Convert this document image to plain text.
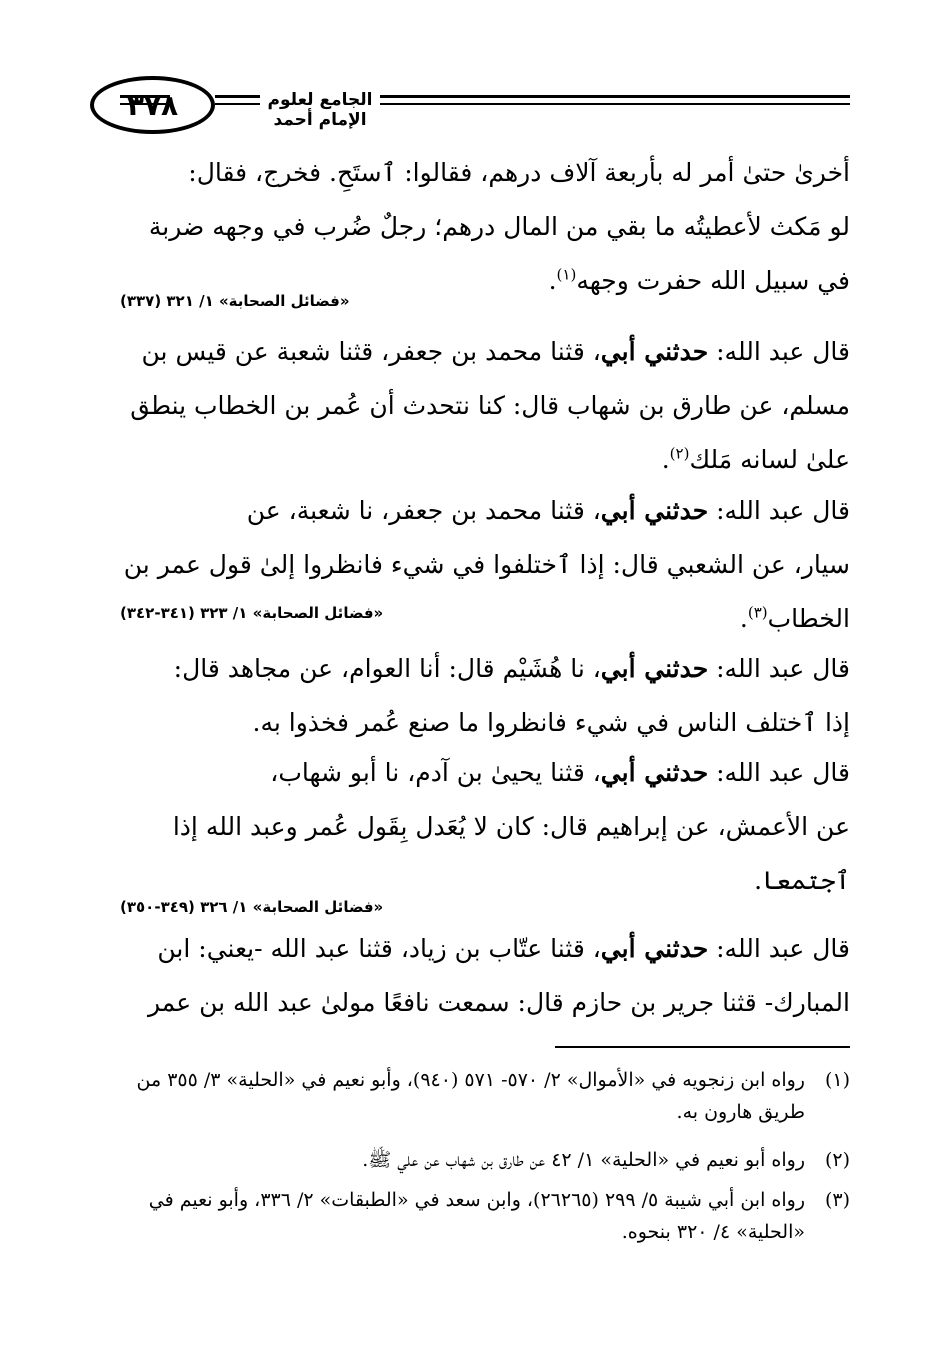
الجامع لعلوم الإمام أحمد
٣٧٨
أخرىٰ حتىٰ أمر له بأربعة آلاف درهم، فقالوا: ٱستَحِ. فخرج، فقال:
لو مَكث لأعطيتُه ما بقي من المال درهم؛ رجلٌ ضُرب في وجهه ضربة
في سبيل الله حفرت وجهه$^{(١)}$.
«فضائل الصحابة» ١/ ٣٢١ (٣٣٧)
قال عبد الله: حدثني أبي، قثنا محمد بن جعفر، قثنا شعبة عن قيس بن
مسلم، عن طارق بن شهاب قال: كنا نتحدث أن عُمر بن الخطاب ينطق
علىٰ لسانه مَلك$^{(٢)}$.
قال عبد الله: حدثني أبي، قثنا محمد بن جعفر، نا شعبة، عن
سيار، عن الشعبي قال: إذا ٱختلفوا في شيء فانظروا إلىٰ قول عمر بن
الخطاب$^{(٣)}$.
«فضائل الصحابة» ١/ ٣٢٣ (٣٤١-٣٤٢)
قال عبد الله: حدثني أبي، نا هُشَيْم قال: أنا العوام، عن مجاهد قال:
إذا ٱختلف الناس في شيء فانظروا ما صنع عُمر فخذوا به.
قال عبد الله: حدثني أبي، قثنا يحيىٰ بن آدم، نا أبو شهاب،
عن الأعمش، عن إبراهيم قال: كان لا يُعَدل بِقَول عُمر وعبد الله إذا
ٱجتمعا.
«فضائل الصحابة» ١/ ٣٢٦ (٣٤٩-٣٥٠)
قال عبد الله: حدثني أبي، قثنا عتّاب بن زياد، قثنا عبد الله -يعني: ابن
المبارك- قثنا جرير بن حازم قال: سمعت نافعًا مولىٰ عبد الله بن عمر
(١)
رواه ابن زنجويه في «الأموال» ٢/ ٥٧٠- ٥٧١ (٩٤٠)، وأبو نعيم في «الحلية» ٣/ ٣٥٥ من طريق هارون به.
(٢)
رواه أبو نعيم في «الحلية» ١/ ٤٢ عن طارق بن شهاب عن علي ﷺ.
(٣)
رواه ابن أبي شيبة ٥/ ٢٩٩ (٢٦٢٦٥)، وابن سعد في «الطبقات» ٢/ ٣٣٦، وأبو نعيم في «الحلية» ٤/ ٣٢٠ بنحوه.
